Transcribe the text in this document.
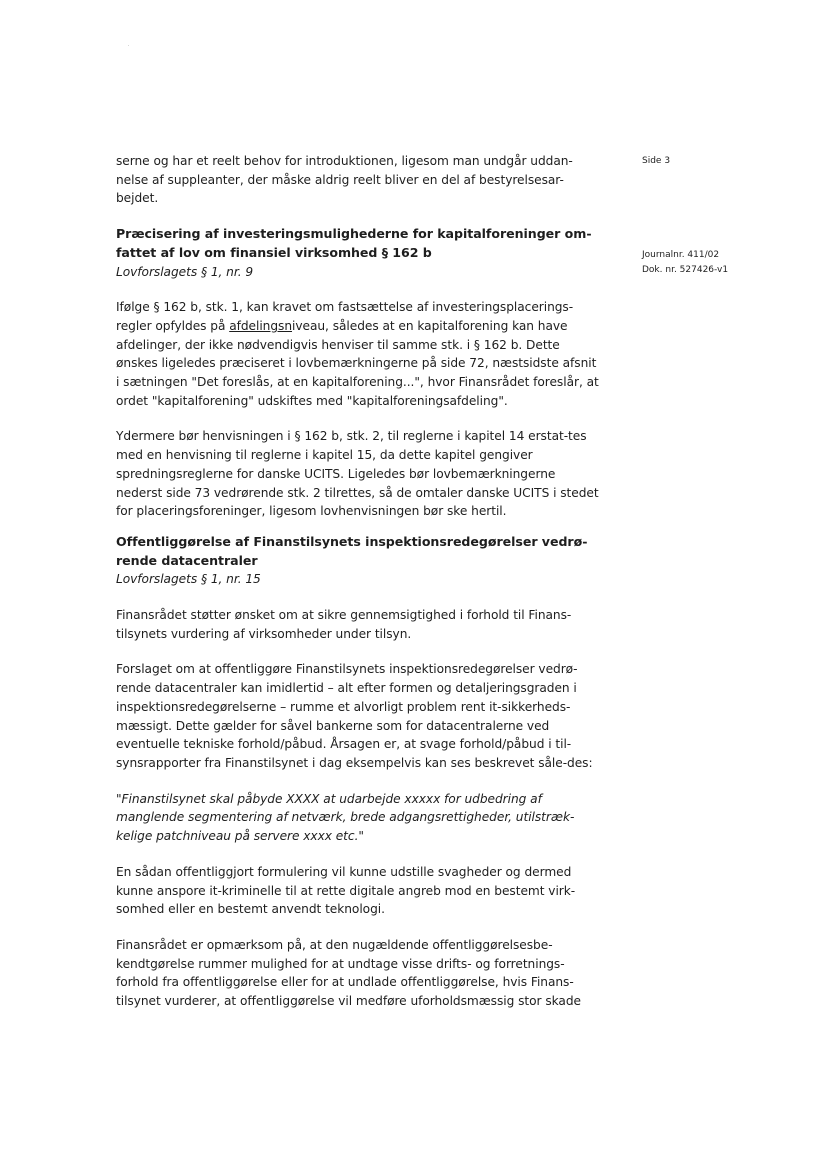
Side 3
Journalnr. 411/02
Dok. nr. 527426-v1

serne og har et reelt behov for introduktionen, ligesom man undgår uddan-nelse af suppleanter, der måske aldrig reelt bliver en del af bestyrelsesar-bejdet.

Præcisering af investeringsmulighederne for kapitalforeninger om-fattet af lov om finansiel virksomhed § 162 b

Lovforslagets § 1, nr. 9

Ifølge § 162 b, stk. 1, kan kravet om fastsættelse af investeringsplacerings-regler opfyldes på afdelingsniveau, således at en kapitalforening kan have afdelinger, der ikke nødvendigvis henviser til samme stk. i § 162 b. Dette ønskes ligeledes præciseret i lovbemærkningerne på side 72, næstsidste afsnit i sætningen "Det foreslås, at en kapitalforening...", hvor Finansrådet foreslår, at ordet "kapitalforening" udskiftes med "kapitalforeningsafdeling".

Ydermere bør henvisningen i § 162 b, stk. 2, til reglerne i kapitel 14 erstat-tes med en henvisning til reglerne i kapitel 15, da dette kapitel gengiver spredningsreglerne for danske UCITS. Ligeledes bør lovbemærkningerne nederst side 73 vedrørende stk. 2 tilrettes, så de omtaler danske UCITS i stedet for placeringsforeninger, ligesom lovhenvisningen bør ske hertil.

Offentliggørelse af Finanstilsynets inspektionsredegørelser vedrø-rende datacentraler

Lovforslagets § 1, nr. 15

Finansrådet støtter ønsket om at sikre gennemsigtighed i forhold til Finans-tilsynets vurdering af virksomheder under tilsyn.

Forslaget om at offentliggøre Finanstilsynets inspektionsredegørelser vedrø-rende datacentraler kan imidlertid – alt efter formen og detaljeringsgraden i inspektionsredegørelserne – rumme et alvorligt problem rent it-sikkerheds-mæssigt. Dette gælder for såvel bankerne som for datacentralerne ved eventuelle tekniske forhold/påbud. Årsagen er, at svage forhold/påbud i til-synsrapporter fra Finanstilsynet i dag eksempelvis kan ses beskrevet såle-des:

"Finanstilsynet skal påbyde XXXX at udarbejde xxxxx for udbedring af manglende segmentering af netværk, brede adgangsrettigheder, utilstræk-kelige patchniveau på servere xxxx etc."

En sådan offentliggjort formulering vil kunne udstille svagheder og dermed kunne anspore it-kriminelle til at rette digitale angreb mod en bestemt virk-somhed eller en bestemt anvendt teknologi.

Finansrådet er opmærksom på, at den nugældende offentliggørelsesbe-kendtgørelse rummer mulighed for at undtage visse drifts- og forretnings-forhold fra offentliggørelse eller for at undlade offentliggørelse, hvis Finans-tilsynet vurderer, at offentliggørelse vil medføre uforholdsmæssig stor skade
